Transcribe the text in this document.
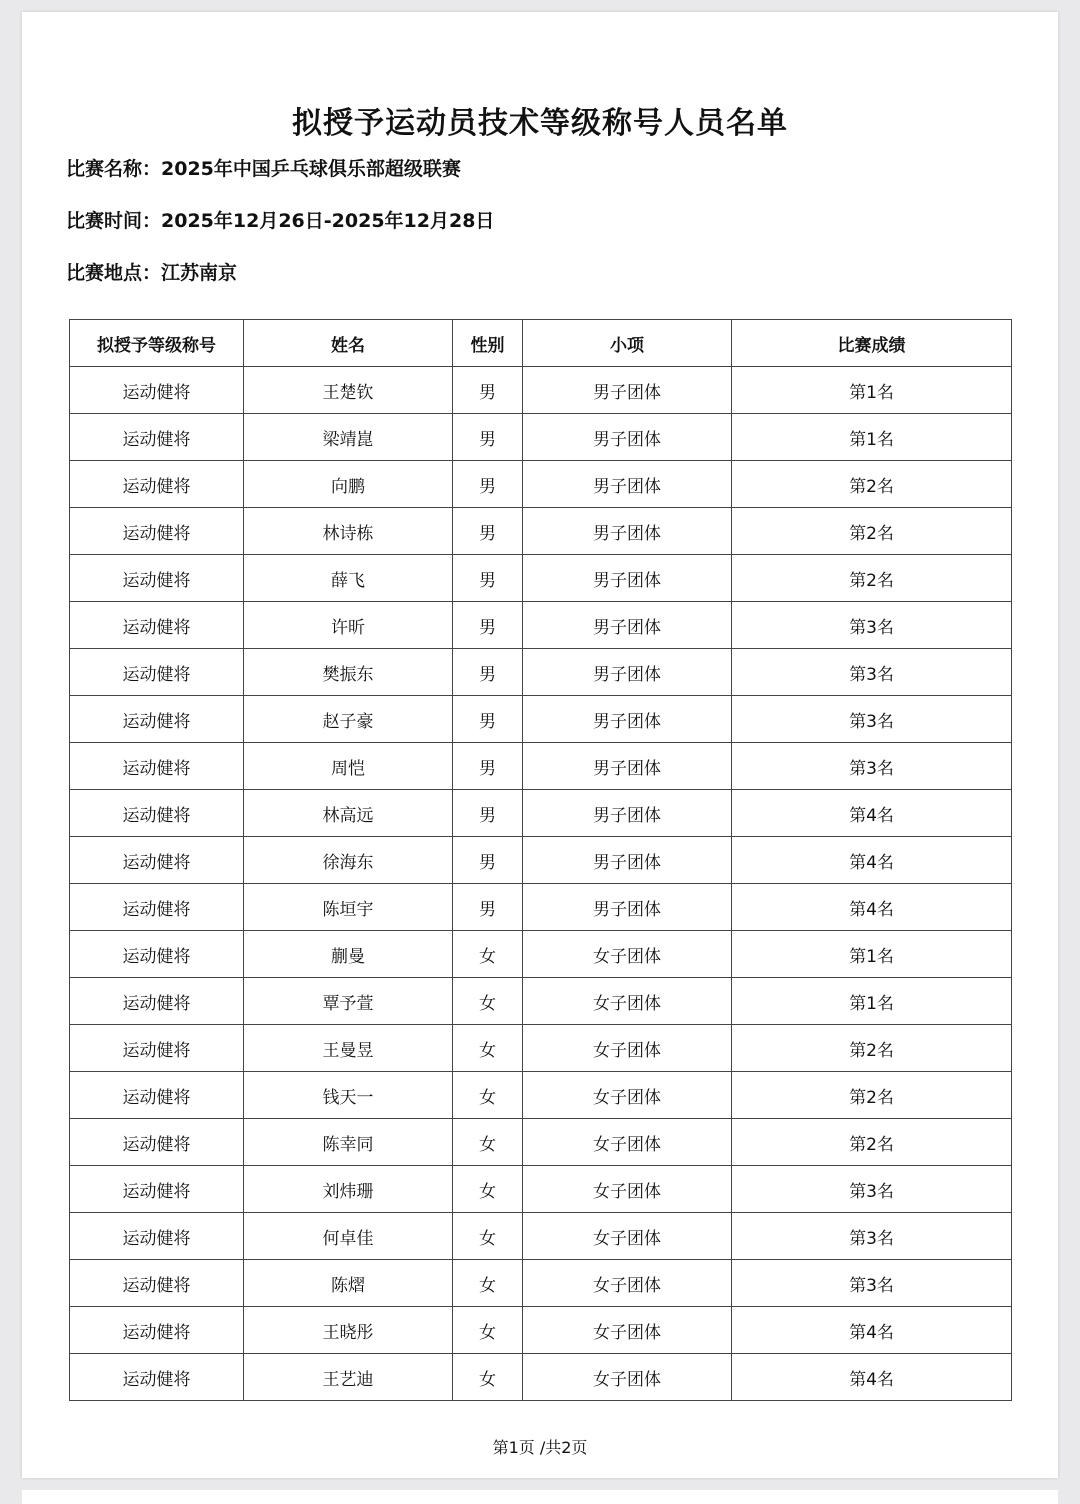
拟授予运动员技术等级称号人员名单
比赛名称：2025年中国乒乓球俱乐部超级联赛
比赛时间：2025年12月26日-2025年12月28日
比赛地点：江苏南京
拟授予等级称号	姓名	性别	小项	比赛成绩
运动健将	王楚钦	男	男子团体	第1名
运动健将	梁靖崑	男	男子团体	第1名
运动健将	向鹏	男	男子团体	第2名
运动健将	林诗栋	男	男子团体	第2名
运动健将	薛飞	男	男子团体	第2名
运动健将	许昕	男	男子团体	第3名
运动健将	樊振东	男	男子团体	第3名
运动健将	赵子豪	男	男子团体	第3名
运动健将	周恺	男	男子团体	第3名
运动健将	林高远	男	男子团体	第4名
运动健将	徐海东	男	男子团体	第4名
运动健将	陈垣宇	男	男子团体	第4名
运动健将	蒯曼	女	女子团体	第1名
运动健将	覃予萱	女	女子团体	第1名
运动健将	王曼昱	女	女子团体	第2名
运动健将	钱天一	女	女子团体	第2名
运动健将	陈幸同	女	女子团体	第2名
运动健将	刘炜珊	女	女子团体	第3名
运动健将	何卓佳	女	女子团体	第3名
运动健将	陈熠	女	女子团体	第3名
运动健将	王晓彤	女	女子团体	第4名
运动健将	王艺迪	女	女子团体	第4名
第1页 /共2页
